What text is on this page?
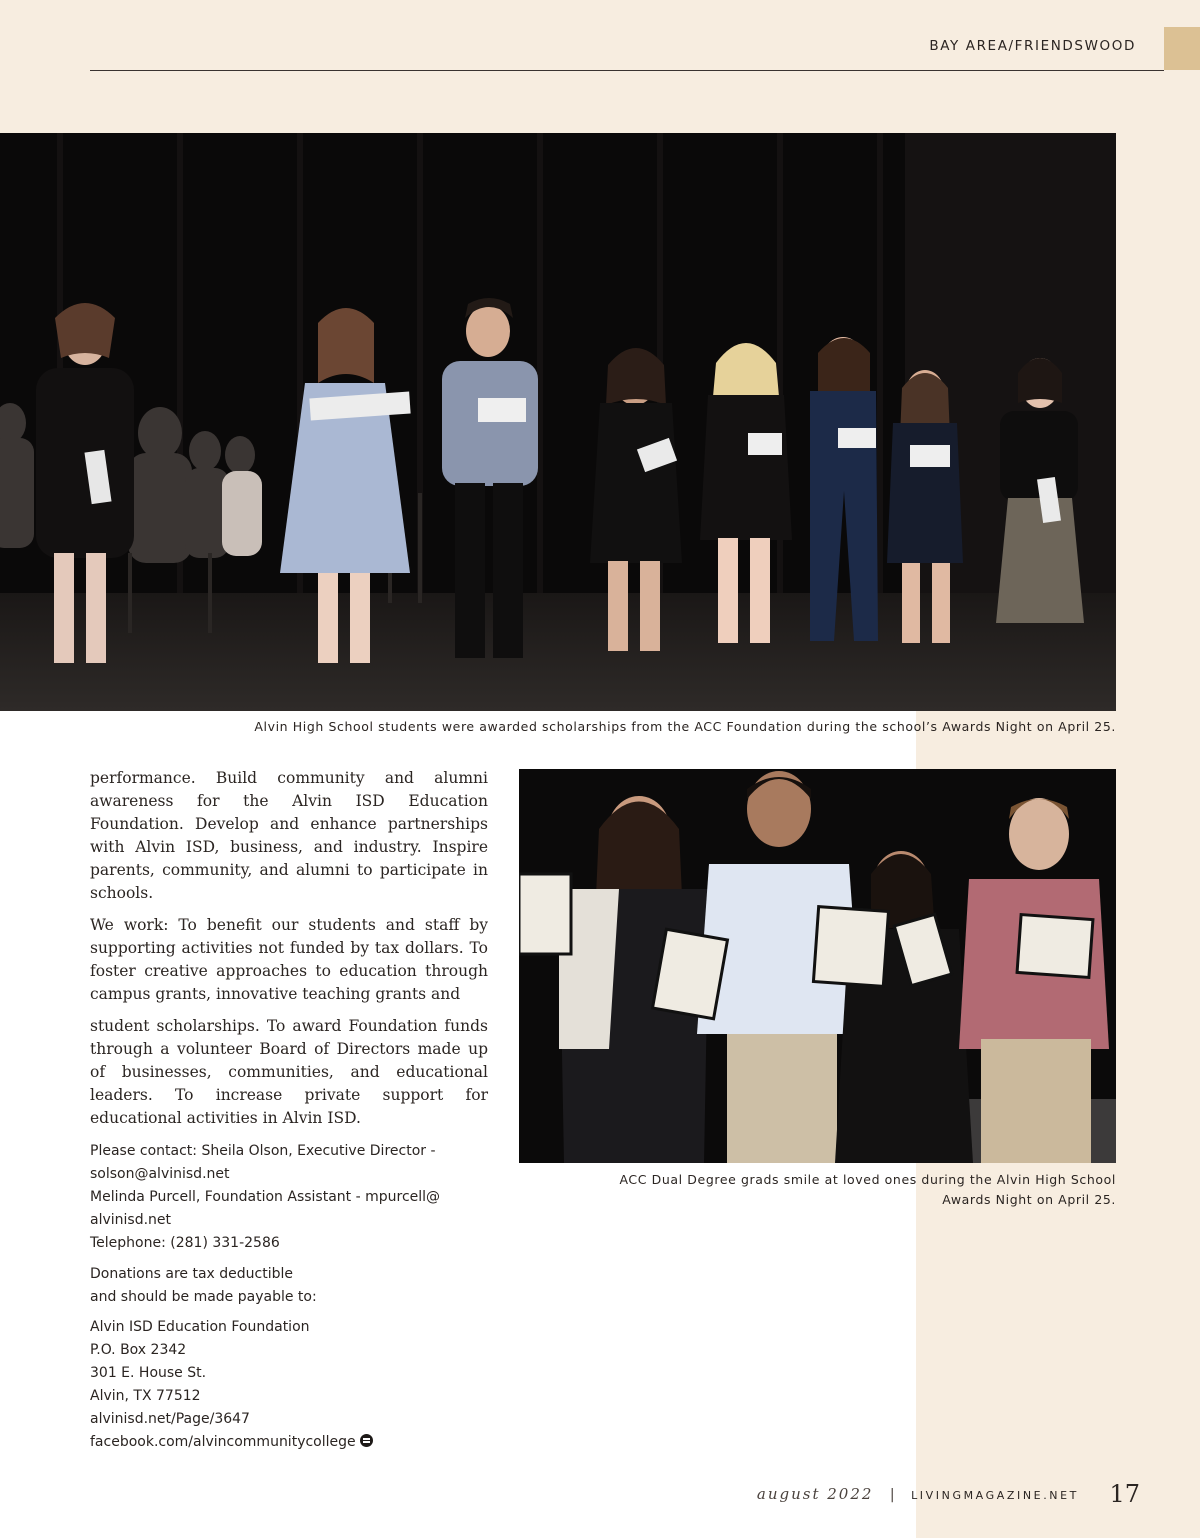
BAY AREA/FRIENDSWOOD
Alvin High School students were awarded scholarships from the ACC Foundation during the school’s Awards Night on April 25.

performance. Build community and alumni awareness for the Alvin ISD Education Foundation. Develop and enhance partnerships with Alvin ISD, business, and industry. Inspire parents, community, and alumni to participate in schools.

We work: To benefit our students and staff by supporting activities not funded by tax dollars. To foster creative approaches to education through campus grants, innovative teaching grants and

student scholarships. To award Foundation funds through a volunteer Board of Directors made up of businesses, communities, and educational leaders. To increase private support for educational activities in Alvin ISD.

ACC Dual Degree grads smile at loved ones during the Alvin High School
Awards Night on April 25.
Please contact: Sheila Olson, Executive Director -
solson@alvinisd.net
Melinda Purcell, Foundation Assistant - mpurcell@
alvinisd.net
Telephone: (281) 331-2586
Donations are tax deductible
and should be made payable to:
Alvin ISD Education Foundation
P.O. Box 2342
301 E. House St.
Alvin, TX 77512
alvinisd.net/Page/3647
facebook.com/alvincommunitycollege
august 2022 | LIVINGMAGAZINE.NET 17
